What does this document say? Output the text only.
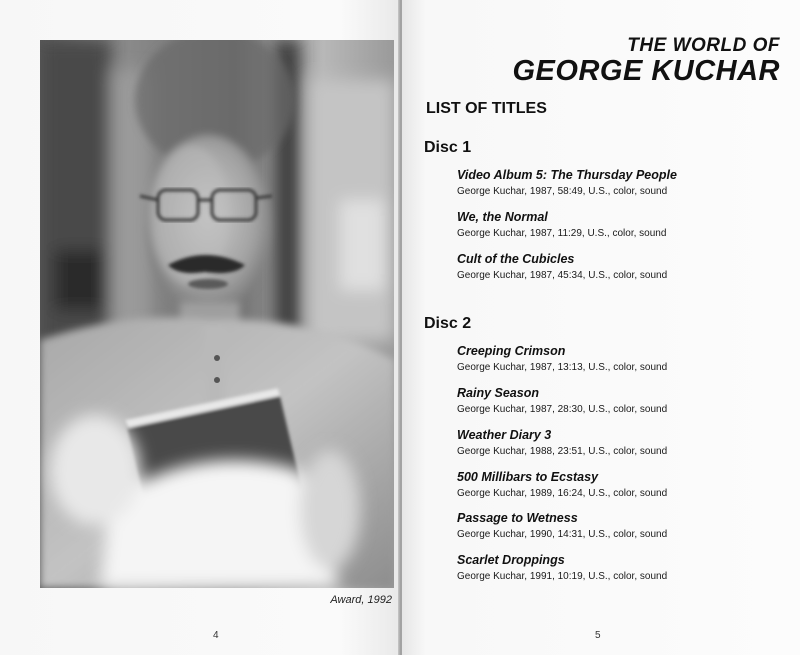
Award, 1992
4
THE WORLD OF
GEORGE KUCHAR
LIST OF TITLES
Disc 1
Video Album 5: The Thursday People
George Kuchar, 1987, 58:49, U.S., color, sound
We, the Normal
George Kuchar, 1987, 11:29, U.S., color, sound
Cult of the Cubicles
George Kuchar, 1987, 45:34, U.S., color, sound
Disc 2
Creeping Crimson
George Kuchar, 1987, 13:13, U.S., color, sound
Rainy Season
George Kuchar, 1987, 28:30, U.S., color, sound
Weather Diary 3
George Kuchar, 1988, 23:51, U.S., color, sound
500 Millibars to Ecstasy
George Kuchar, 1989, 16:24, U.S., color, sound
Passage to Wetness
George Kuchar, 1990, 14:31, U.S., color, sound
Scarlet Droppings
George Kuchar, 1991, 10:19, U.S., color, sound
5
